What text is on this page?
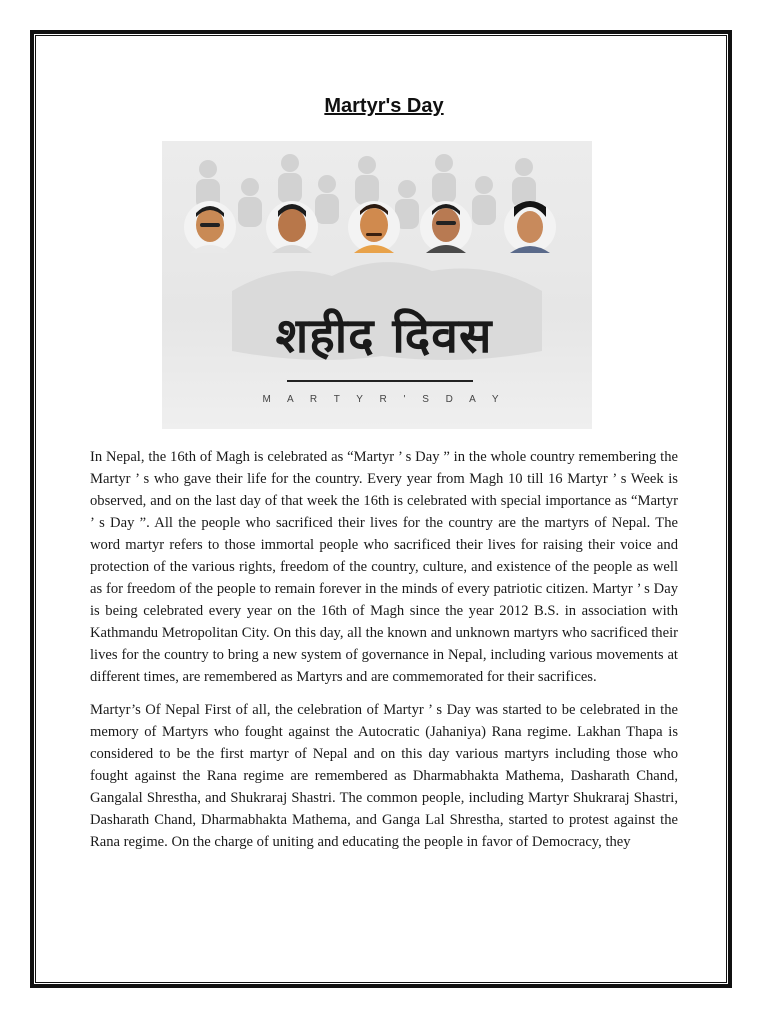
Martyr's Day
शहीद दिवस
M A R T Y R ' S D A Y

In Nepal, the 16th of Magh is celebrated as “Martyr ’ s Day ” in the whole country remembering the Martyr ’ s who gave their life for the country. Every year from Magh 10 till 16 Martyr ’ s Week is observed, and on the last day of that week the 16th is celebrated with special importance as “Martyr ’ s Day ”. All the people who sacrificed their lives for the country are the martyrs of Nepal. The word martyr refers to those immortal people who sacrificed their lives for raising their voice and protection of the various rights, freedom of the country, culture, and existence of the people as well as for freedom of the people to remain forever in the minds of every patriotic citizen. Martyr ’ s Day is being celebrated every year on the 16th of Magh since the year 2012 B.S. in association with Kathmandu Metropolitan City. On this day, all the known and unknown martyrs who sacrificed their lives for the country to bring a new system of governance in Nepal, including various movements at different times, are remembered as Martyrs and are commemorated for their sacrifices.

Martyr’s Of Nepal First of all, the celebration of Martyr ’ s Day was started to be celebrated in the memory of Martyrs who fought against the Autocratic (Jahaniya) Rana regime. Lakhan Thapa is considered to be the first martyr of Nepal and on this day various martyrs including those who fought against the Rana regime are remembered as Dharmabhakta Mathema, Dasharath Chand, Gangalal Shrestha, and Shukraraj Shastri. The common people, including Martyr Shukraraj Shastri, Dasharath Chand, Dharmabhakta Mathema, and Ganga Lal Shrestha, started to protest against the Rana regime. On the charge of uniting and educating the people in favor of Democracy, they
